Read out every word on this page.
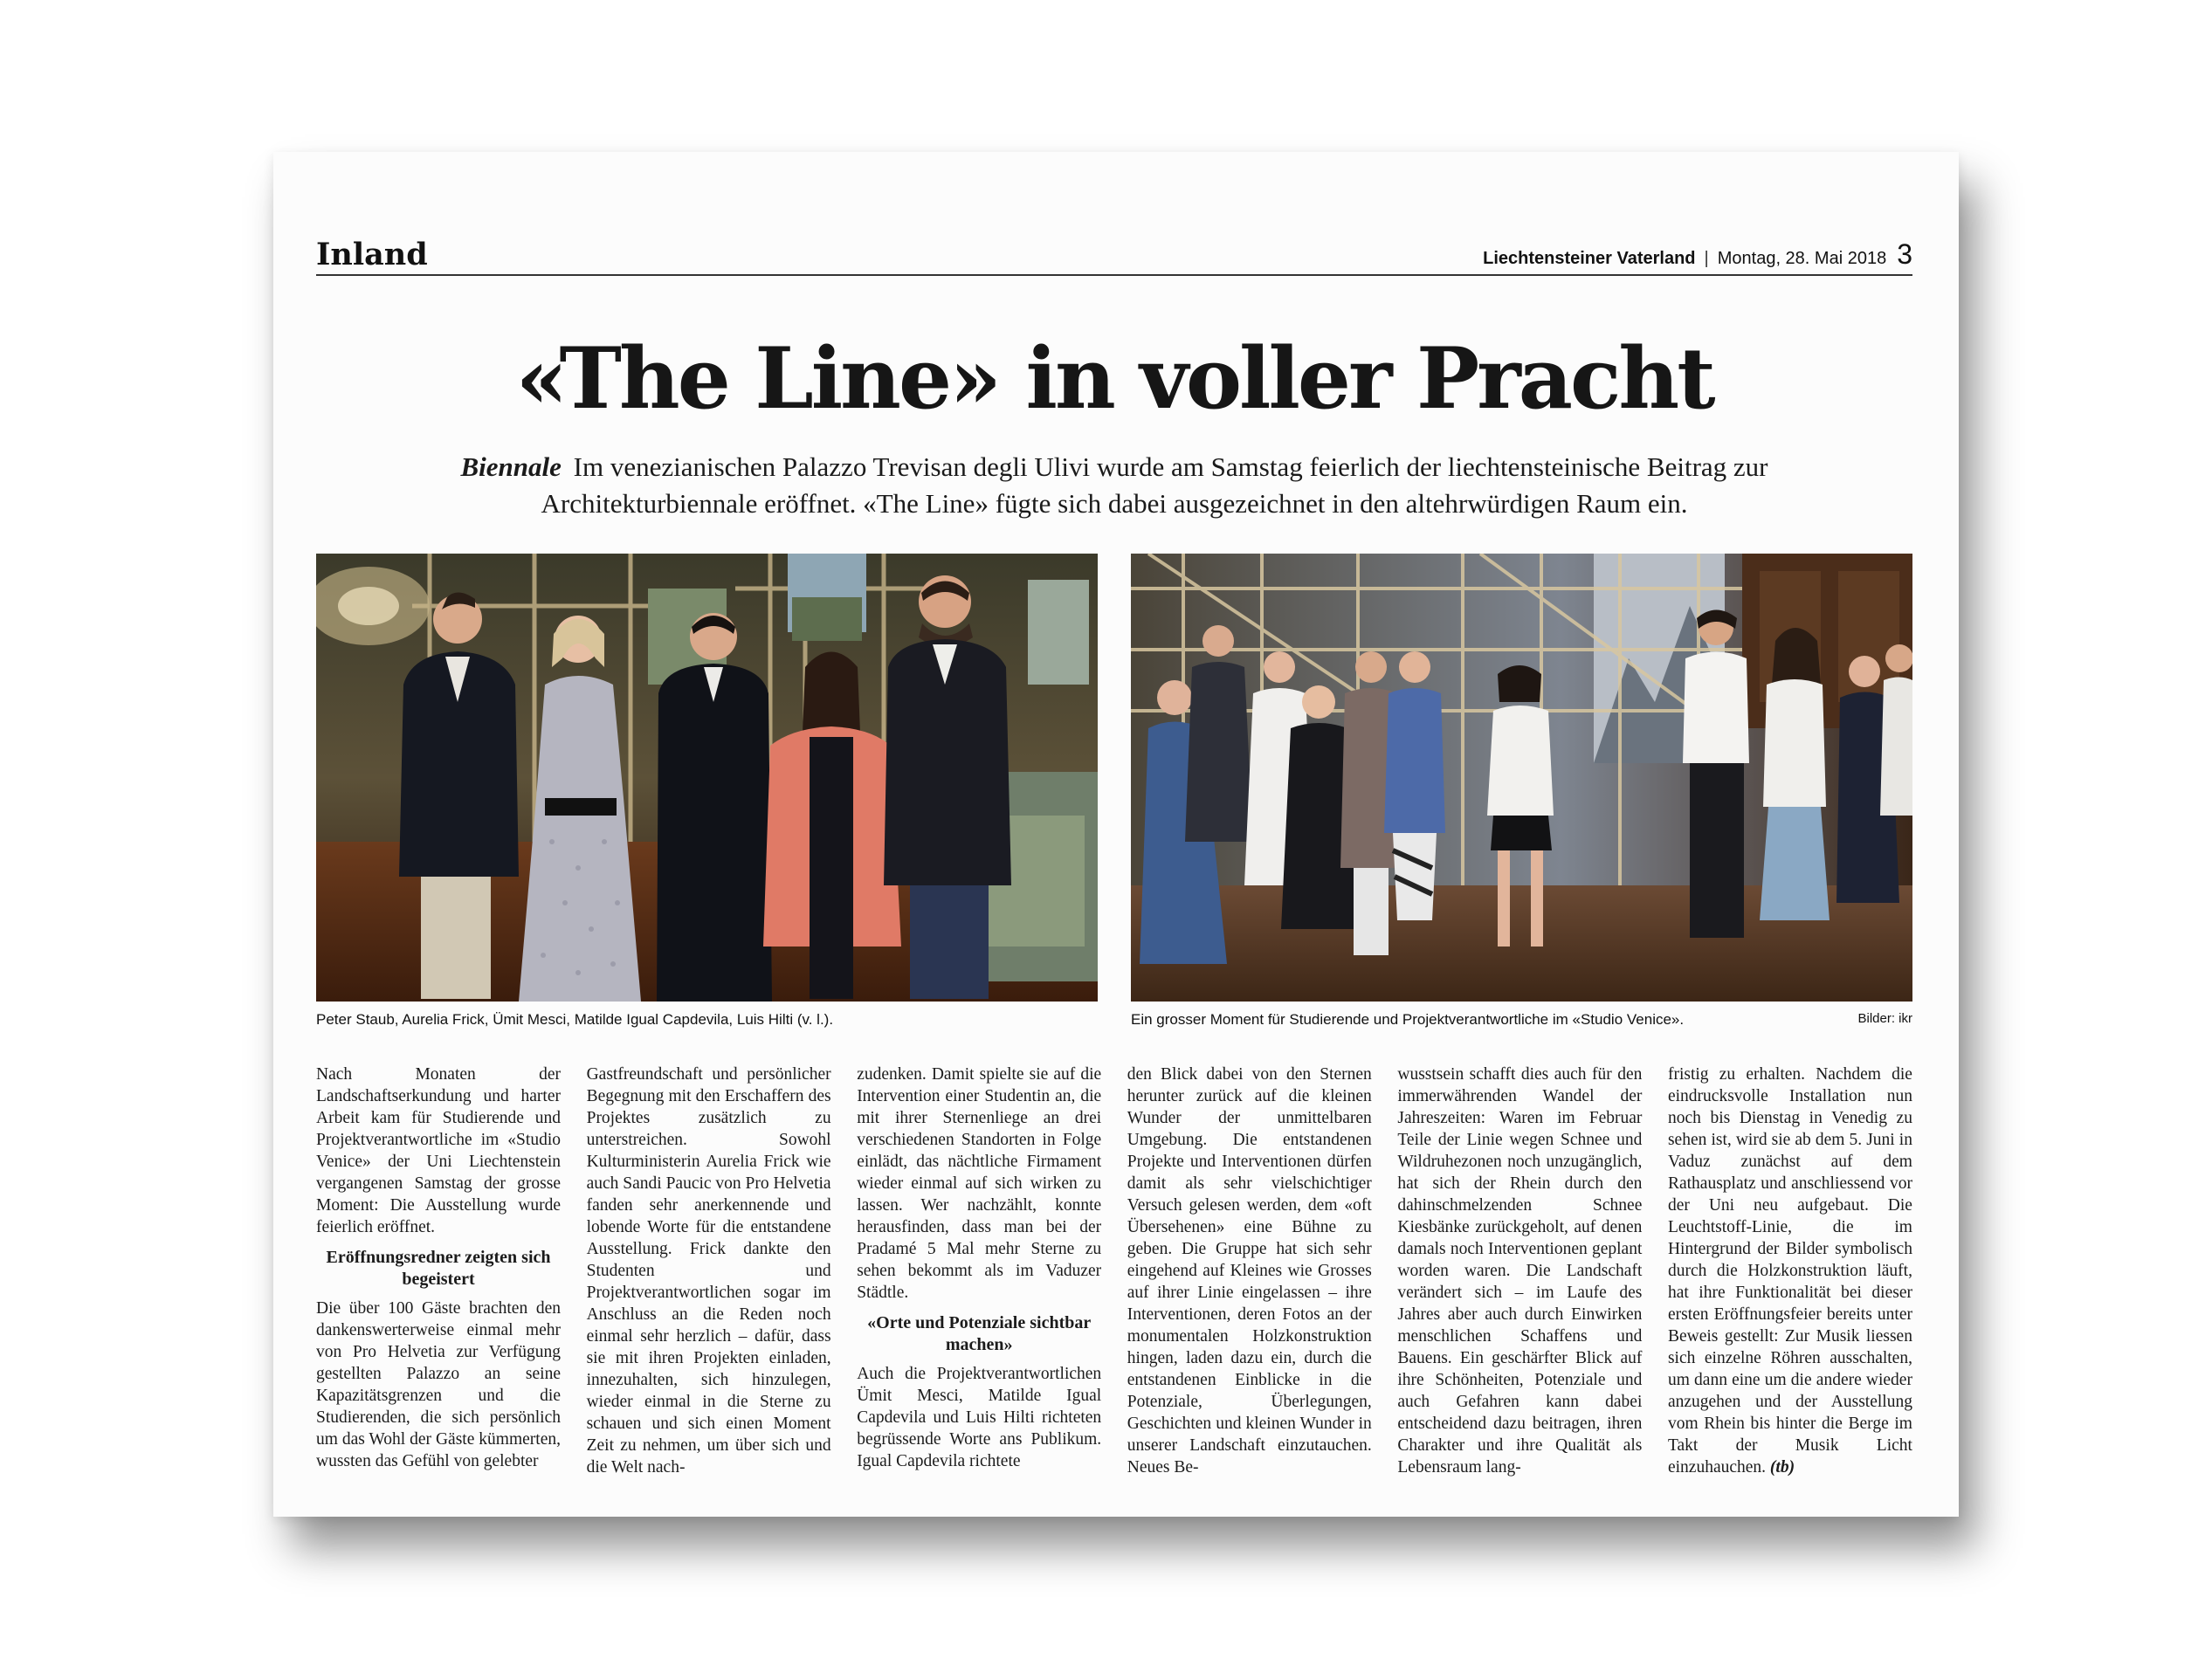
Inland	Liechtensteiner Vaterland | Montag, 28. Mai 2018 3
«The Line» in voller Pracht
Biennale Im venezianischen Palazzo Trevisan degli Ulivi wurde am Samstag feierlich der liechtensteinische Beitrag zur Architekturbiennale eröffnet. «The Line» fügte sich dabei ausgezeichnet in den altehrwürdigen Raum ein.
Peter Staub, Aurelia Frick, Ümit Mesci, Matilde Igual Capdevila, Luis Hilti (v. l.).	Ein grosser Moment für Studierende und Projektverantwortliche im «Studio Venice».	Bilder: ikr

Nach Monaten der Landschaftserkundung und harter Arbeit kam für Studierende und Projektverantwortliche im «Studio Venice» der Uni Liechtenstein vergangenen Samstag der grosse Moment: Die Ausstellung wurde feierlich eröffnet.

Eröffnungsredner zeigten sich begeistert

Die über 100 Gäste brachten den dankenswerterweise einmal mehr von Pro Helvetia zur Verfügung gestellten Palazzo an seine Kapazitätsgrenzen und die Studierenden, die sich persönlich um das Wohl der Gäste kümmerten, wussten das Gefühl von gelebter

Gastfreundschaft und persönlicher Begegnung mit den Erschaffern des Projektes zusätzlich zu unterstreichen. Sowohl Kulturministerin Aurelia Frick wie auch Sandi Paucic von Pro Helvetia fanden sehr anerkennende und lobende Worte für die entstandene Ausstellung. Frick dankte den Studenten und Projektverantwortlichen sogar im Anschluss an die Reden noch einmal sehr herzlich – dafür, dass sie mit ihren Projekten einladen, innezuhalten, sich hinzulegen, wieder einmal in die Sterne zu schauen und sich einen Moment Zeit zu nehmen, um über sich und die Welt nach-

zudenken. Damit spielte sie auf die Intervention einer Studentin an, die mit ihrer Sternenliege an drei verschiedenen Standorten in Folge einlädt, das nächtliche Firmament wieder einmal auf sich wirken zu lassen. Wer nachzählt, konnte herausfinden, dass man bei der Pradamé 5 Mal mehr Sterne zu sehen bekommt als im Vaduzer Städtle.

«Orte und Potenziale sichtbar machen»

Auch die Projektverantwortlichen Ümit Mesci, Matilde Igual Capdevila und Luis Hilti richteten begrüssende Worte ans Publikum. Igual Capdevila richtete

den Blick dabei von den Sternen herunter zurück auf die kleinen Wunder der unmittelbaren Umgebung. Die entstandenen Projekte und Interventionen dürfen damit als sehr vielschichtiger Versuch gelesen werden, dem «oft Übersehenen» eine Bühne zu geben. Die Gruppe hat sich sehr eingehend auf Kleines wie Grosses auf ihrer Linie eingelassen – ihre Interventionen, deren Fotos an der monumentalen Holzkonstruktion hingen, laden dazu ein, durch die entstandenen Einblicke in die Potenziale, Überlegungen, Geschichten und kleinen Wunder in unserer Landschaft einzutauchen. Neues Be-

wusstsein schafft dies auch für den immerwährenden Wandel der Jahreszeiten: Waren im Februar Teile der Linie wegen Schnee und Wildruhezonen noch unzugänglich, hat sich der Rhein durch den dahinschmelzenden Schnee Kiesbänke zurückgeholt, auf denen damals noch Interventionen geplant worden waren. Die Landschaft verändert sich – im Laufe des Jahres aber auch durch Einwirken menschlichen Schaffens und Bauens. Ein geschärfter Blick auf ihre Schönheiten, Potenziale und auch Gefahren kann dabei entscheidend dazu beitragen, ihren Charakter und ihre Qualität als Lebensraum lang-

fristig zu erhalten. Nachdem die eindrucksvolle Installation nun noch bis Dienstag in Venedig zu sehen ist, wird sie ab dem 5. Juni in Vaduz zunächst auf dem Rathausplatz und anschliessend vor der Uni neu aufgebaut. Die Leuchtstoff-Linie, die im Hintergrund der Bilder symbolisch durch die Holzkonstruktion läuft, hat ihre Funktionalität bei dieser ersten Eröffnungsfeier bereits unter Beweis gestellt: Zur Musik liessen sich einzelne Röhren ausschalten, um dann eine um die andere wieder anzugehen und der Ausstellung vom Rhein bis hinter die Berge im Takt der Musik Licht einzuhauchen. (tb)
